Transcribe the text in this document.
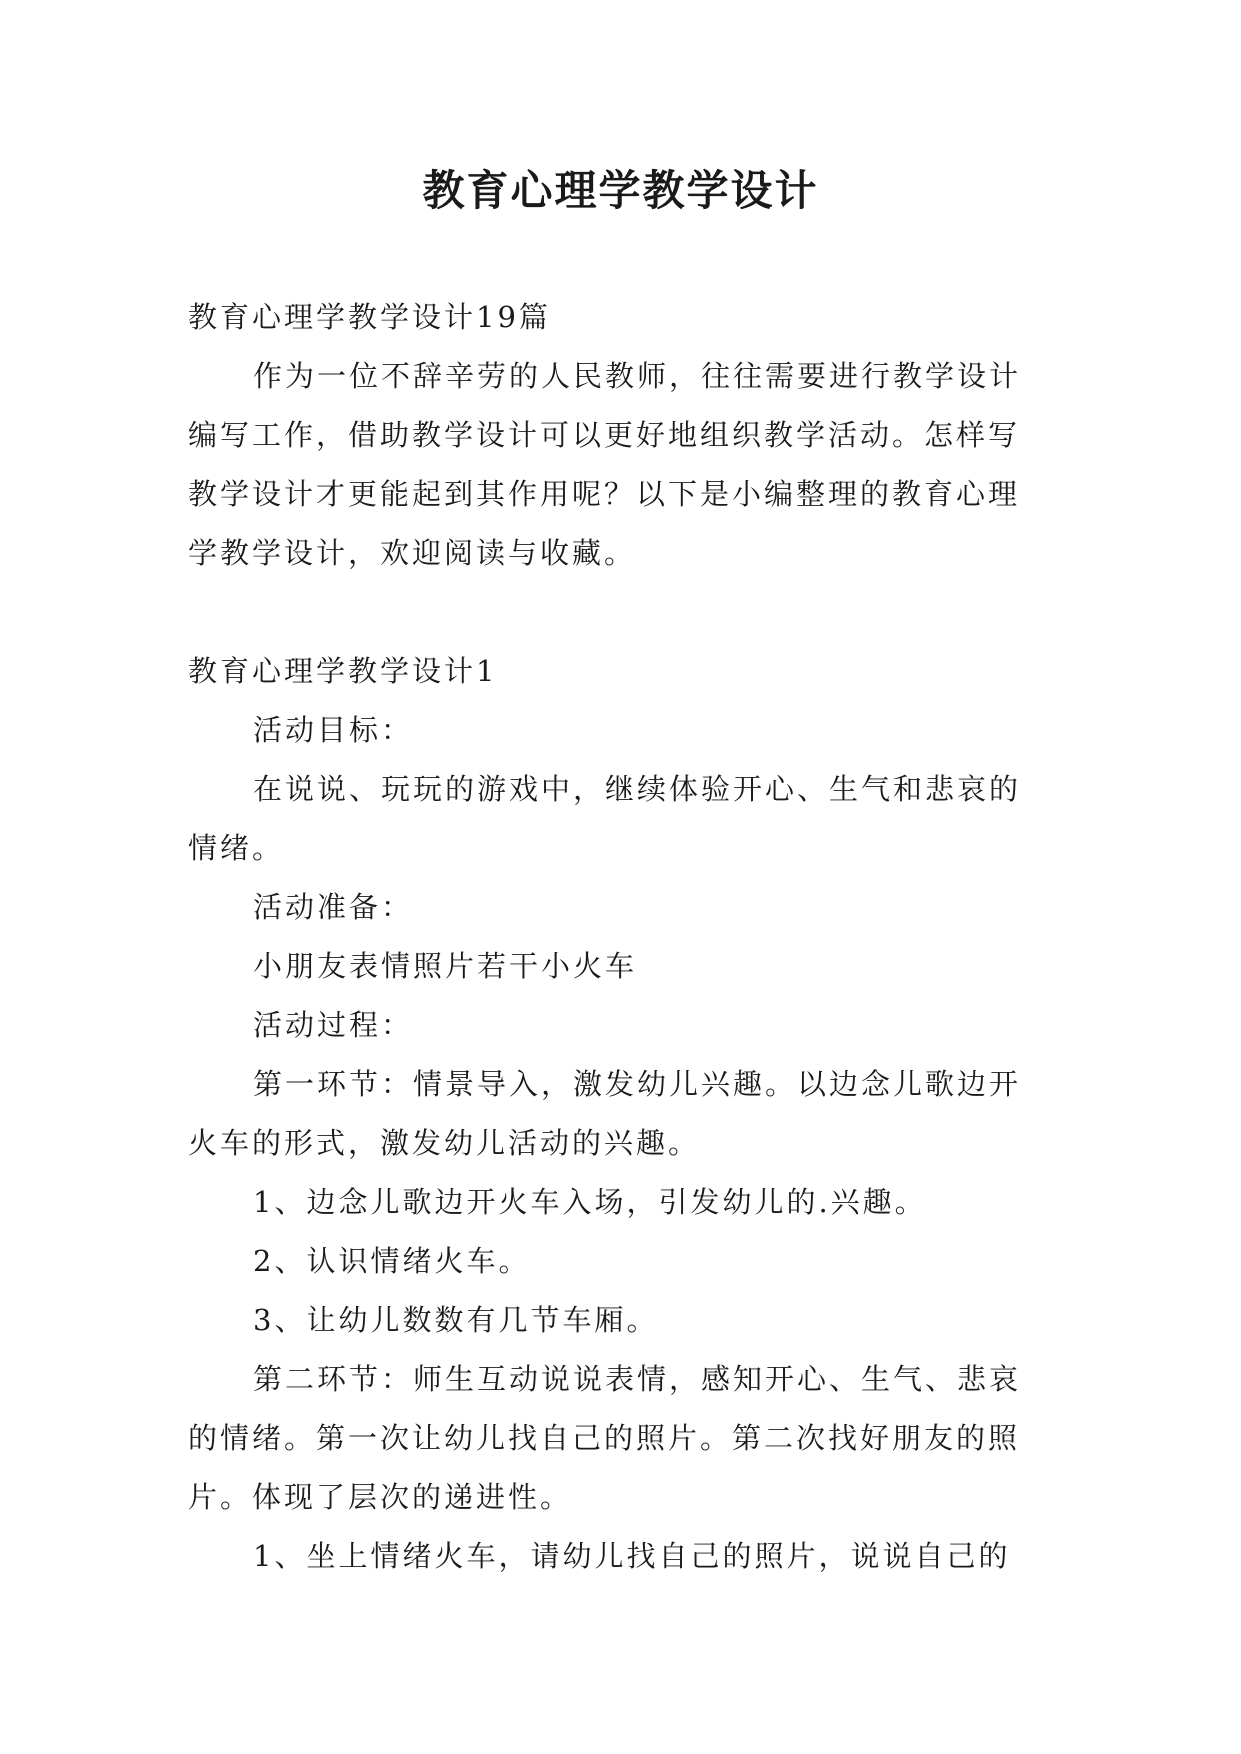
教育心理学教学设计

教育心理学教学设计19篇

作为一位不辞辛劳的人民教师，往往需要进行教学设计编写工作，借助教学设计可以更好地组织教学活动。怎样写教学设计才更能起到其作用呢？以下是小编整理的教育心理学教学设计，欢迎阅读与收藏。

教育心理学教学设计1

活动目标：

在说说、玩玩的游戏中，继续体验开心、生气和悲哀的情绪。

活动准备：

小朋友表情照片若干小火车

活动过程：

第一环节：情景导入，激发幼儿兴趣。以边念儿歌边开火车的形式，激发幼儿活动的兴趣。

1、边念儿歌边开火车入场，引发幼儿的.兴趣。

2、认识情绪火车。

3、让幼儿数数有几节车厢。

第二环节：师生互动说说表情，感知开心、生气、悲哀的情绪。第一次让幼儿找自己的照片。第二次找好朋友的照片。体现了层次的递进性。

1、坐上情绪火车，请幼儿找自己的照片，说说自己的
